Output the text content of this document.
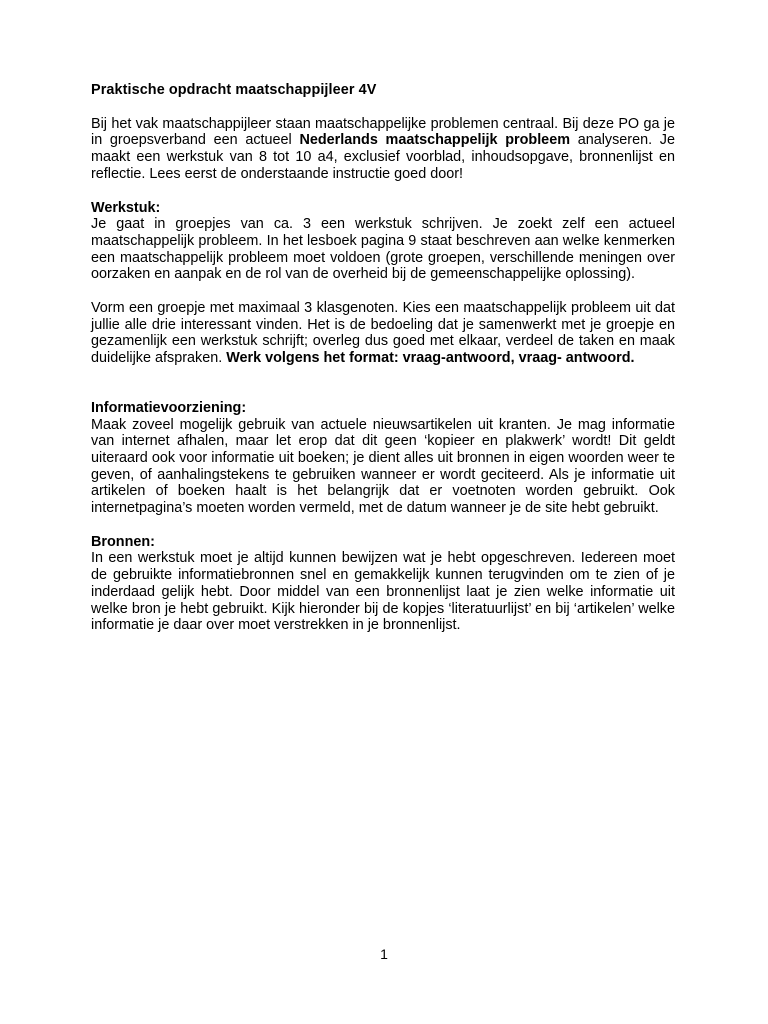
Praktische opdracht maatschappijleer 4V

Bij het vak maatschappijleer staan maatschappelijke problemen centraal. Bij deze PO ga je in groepsverband een actueel Nederlands maatschappelijk probleem analyseren. Je maakt een werkstuk van 8 tot 10 a4, exclusief voorblad, inhoudsopgave, bronnenlijst en reflectie. Lees eerst de onderstaande instructie goed door!

Werkstuk:

Je gaat in groepjes van ca. 3 een werkstuk schrijven. Je zoekt zelf een actueel maatschappelijk probleem. In het lesboek pagina 9 staat beschreven aan welke kenmerken een maatschappelijk probleem moet voldoen (grote groepen, verschillende meningen over oorzaken en aanpak en de rol van de overheid bij de gemeenschappelijke oplossing).

Vorm een groepje met maximaal 3 klasgenoten. Kies een maatschappelijk probleem uit dat jullie alle drie interessant vinden. Het is de bedoeling dat je samenwerkt met je groepje en gezamenlijk een werkstuk schrijft; overleg dus goed met elkaar, verdeel de taken en maak duidelijke afspraken. Werk volgens het format: vraag-antwoord, vraag- antwoord.

Informatievoorziening:

Maak zoveel mogelijk gebruik van actuele nieuwsartikelen uit kranten. Je mag informatie van internet afhalen, maar let erop dat dit geen ‘kopieer en plakwerk’ wordt! Dit geldt uiteraard ook voor informatie uit boeken; je dient alles uit bronnen in eigen woorden weer te geven, of aanhalingstekens te gebruiken wanneer er wordt geciteerd. Als je informatie uit artikelen of boeken haalt is het belangrijk dat er voetnoten worden gebruikt. Ook internetpagina’s moeten worden vermeld, met de datum wanneer je de site hebt gebruikt.

Bronnen:

In een werkstuk moet je altijd kunnen bewijzen wat je hebt opgeschreven. Iedereen moet de gebruikte informatiebronnen snel en gemakkelijk kunnen terugvinden om te zien of je inderdaad gelijk hebt. Door middel van een bronnenlijst laat je zien welke informatie uit welke bron je hebt gebruikt. Kijk hieronder bij de kopjes ‘literatuurlijst’ en bij ‘artikelen’ welke informatie je daar over moet verstrekken in je bronnenlijst.

1
